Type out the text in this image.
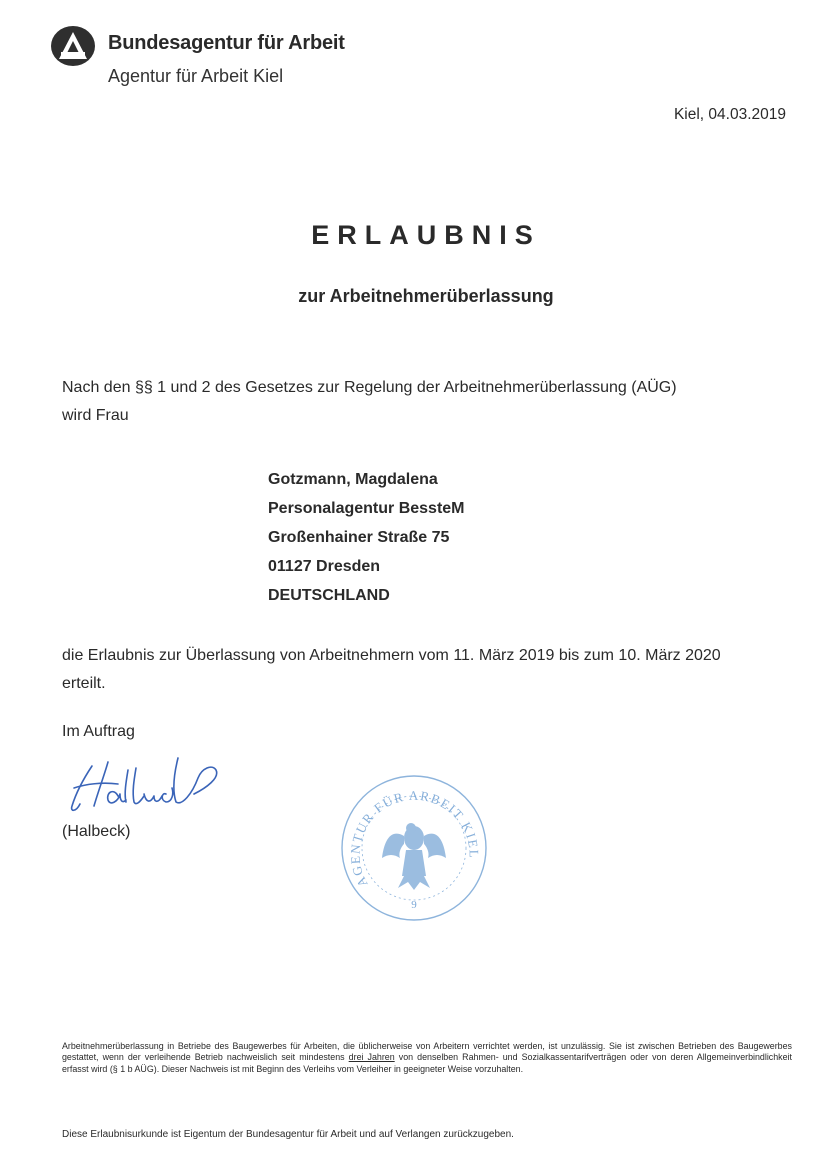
Bundesagentur für Arbeit
Agentur für Arbeit Kiel
Kiel, 04.03.2019
ERLAUBNIS
zur Arbeitnehmerüberlassung
Nach den §§ 1 und 2 des Gesetzes zur Regelung der Arbeitnehmerüberlassung (AÜG)
wird Frau
Gotzmann, Magdalena
Personalagentur BessteM
Großenhainer Straße 75
01127 Dresden
DEUTSCHLAND
die Erlaubnis zur Überlassung von Arbeitnehmern vom 11. März 2019 bis zum 10. März 2020
erteilt.
Im Auftrag
(Halbeck)
AGENTUR FÜR ARBEIT KIEL
9
Arbeitnehmerüberlassung in Betriebe des Baugewerbes für Arbeiten, die üblicherweise von Arbeitern verrichtet werden, ist unzulässig. Sie ist zwischen Betrieben des Baugewerbes gestattet, wenn der verleihende Betrieb nachweislich seit mindestens drei Jahren von denselben Rahmen- und Sozialkassentarifverträgen oder von deren Allgemeinverbindlichkeit erfasst wird (§ 1 b AÜG). Dieser Nachweis ist mit Beginn des Verleihs vom Verleiher in geeigneter Weise vorzuhalten.
Diese Erlaubnisurkunde ist Eigentum der Bundesagentur für Arbeit und auf Verlangen zurückzugeben.
